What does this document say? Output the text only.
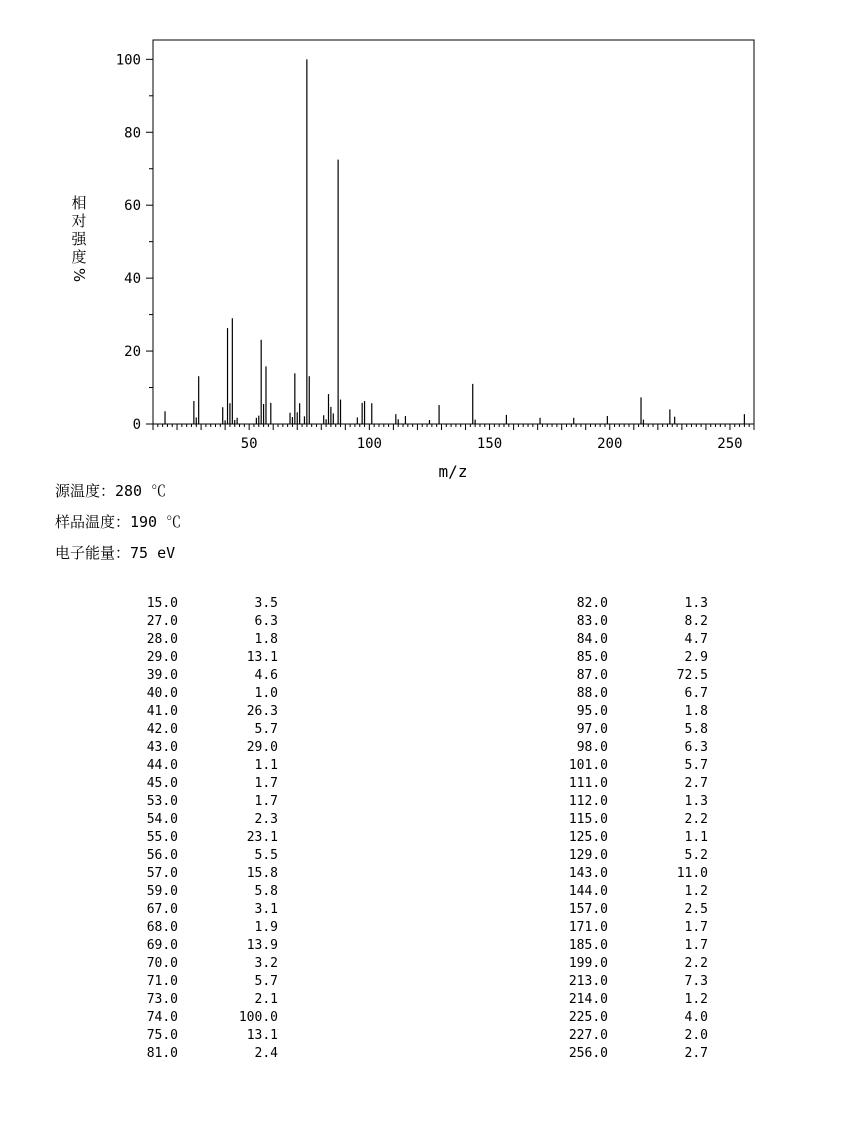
0
20
40
60
80
100
50	100	150	200	250
m/z
相
对
强
度
%
源温度：280 ℃
样品温度：190 ℃
电子能量：75 eV
15.0	3.5
27.0	6.3
28.0	1.8
29.0	13.1
39.0	4.6
40.0	1.0
41.0	26.3
42.0	5.7
43.0	29.0
44.0	1.1
45.0	1.7
53.0	1.7
54.0	2.3
55.0	23.1
56.0	5.5
57.0	15.8
59.0	5.8
67.0	3.1
68.0	1.9
69.0	13.9
70.0	3.2
71.0	5.7
73.0	2.1
74.0	100.0
75.0	13.1
81.0	2.4
82.0	1.3
83.0	8.2
84.0	4.7
85.0	2.9
87.0	72.5
88.0	6.7
95.0	1.8
97.0	5.8
98.0	6.3
101.0	5.7
111.0	2.7
112.0	1.3
115.0	2.2
125.0	1.1
129.0	5.2
143.0	11.0
144.0	1.2
157.0	2.5
171.0	1.7
185.0	1.7
199.0	2.2
213.0	7.3
214.0	1.2
225.0	4.0
227.0	2.0
256.0	2.7
